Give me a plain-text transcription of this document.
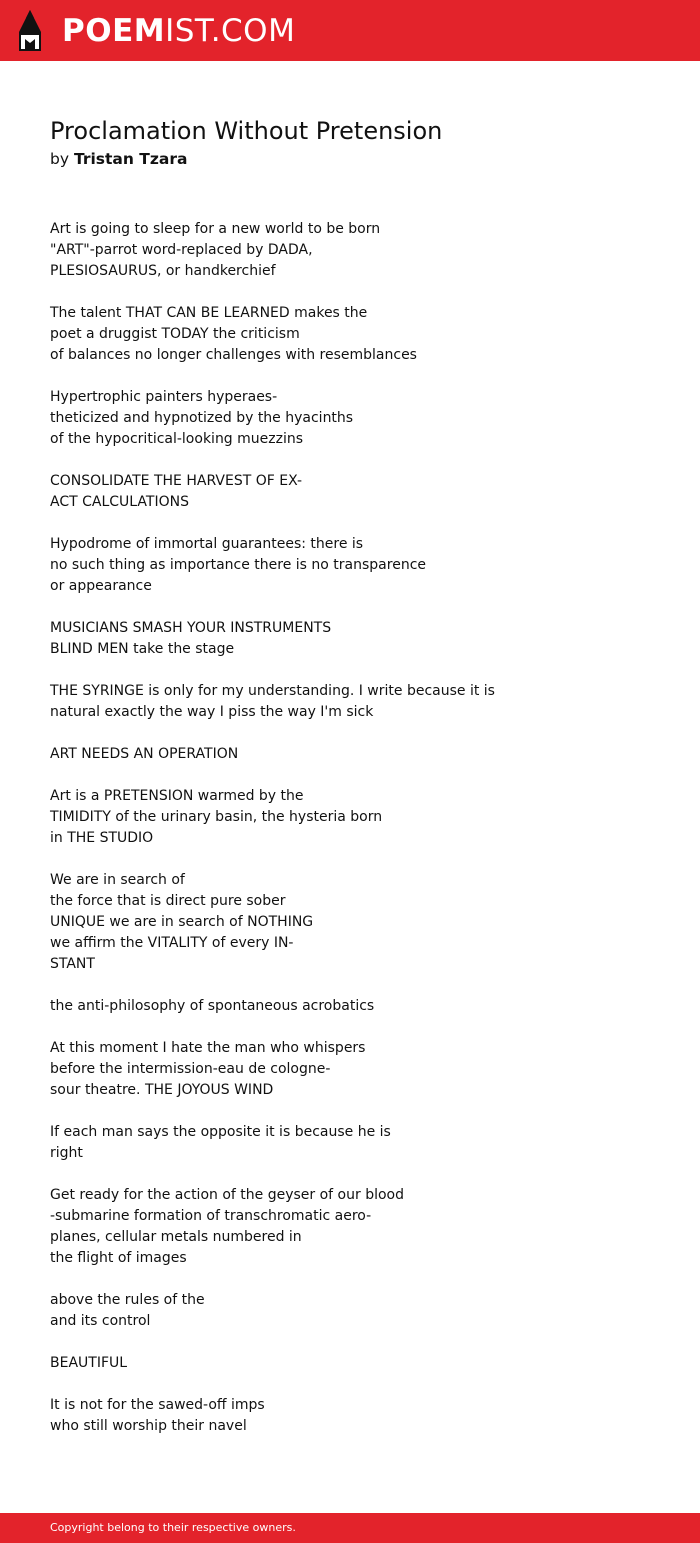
POEMIST.COM
Proclamation Without Pretension
by Tristan Tzara
Art is going to sleep for a new world to be born
"ART"-parrot word-replaced by DADA,
PLESIOSAURUS, or handkerchief
The talent THAT CAN BE LEARNED makes the
poet a druggist TODAY the criticism
of balances no longer challenges with resemblances
Hypertrophic painters hyperaes-
theticized and hypnotized by the hyacinths
of the hypocritical-looking muezzins
CONSOLIDATE THE HARVEST OF EX-
ACT CALCULATIONS
Hypodrome of immortal guarantees: there is
no such thing as importance there is no transparence
or appearance
MUSICIANS SMASH YOUR INSTRUMENTS
BLIND MEN take the stage
THE SYRINGE is only for my understanding. I write because it is
natural exactly the way I piss the way I'm sick
ART NEEDS AN OPERATION
Art is a PRETENSION warmed by the
TIMIDITY of the urinary basin, the hysteria born
in THE STUDIO
We are in search of
the force that is direct pure sober
UNIQUE we are in search of NOTHING
we affirm the VITALITY of every IN-
STANT
the anti-philosophy of spontaneous acrobatics
At this moment I hate the man who whispers
before the intermission-eau de cologne-
sour theatre. THE JOYOUS WIND
If each man says the opposite it is because he is
right
Get ready for the action of the geyser of our blood
-submarine formation of transchromatic aero-
planes, cellular metals numbered in
the flight of images
above the rules of the
and its control
BEAUTIFUL
It is not for the sawed-off imps
who still worship their navel
Copyright belong to their respective owners.
